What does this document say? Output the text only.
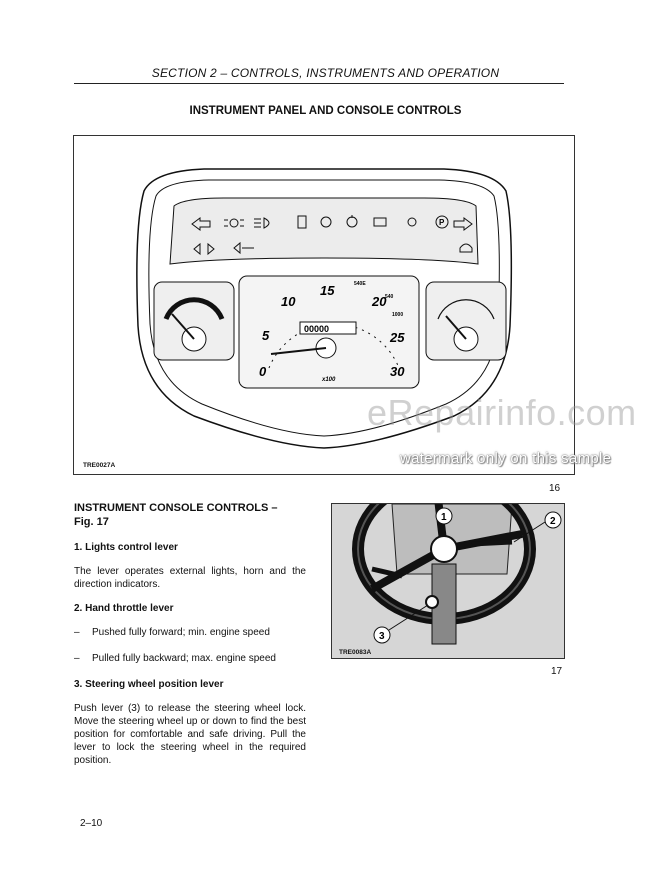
SECTION 2 – CONTROLS, INSTRUMENTS AND OPERATION
INSTRUMENT PANEL AND CONSOLE CONTROLS
P
0
5
10
15
20
25
30
540E
540
1000
00000
x100
TRE0027A
eRepairinfo.com
watermark only on this sample
16
INSTRUMENT CONSOLE CONTROLS –
Fig. 17
1. Lights control lever
The lever operates external lights, horn and the direction indicators.
2. Hand throttle lever
– Pushed fully forward; min. engine speed
– Pulled fully backward; max. engine speed
3. Steering wheel position lever
Push lever (3) to release the steering wheel lock. Move the steering wheel up or down to find the best position for comfortable and safe driving. Pull the lever to lock the steering wheel in the required position.
1	2
3
TRE0083A
17
2–10
